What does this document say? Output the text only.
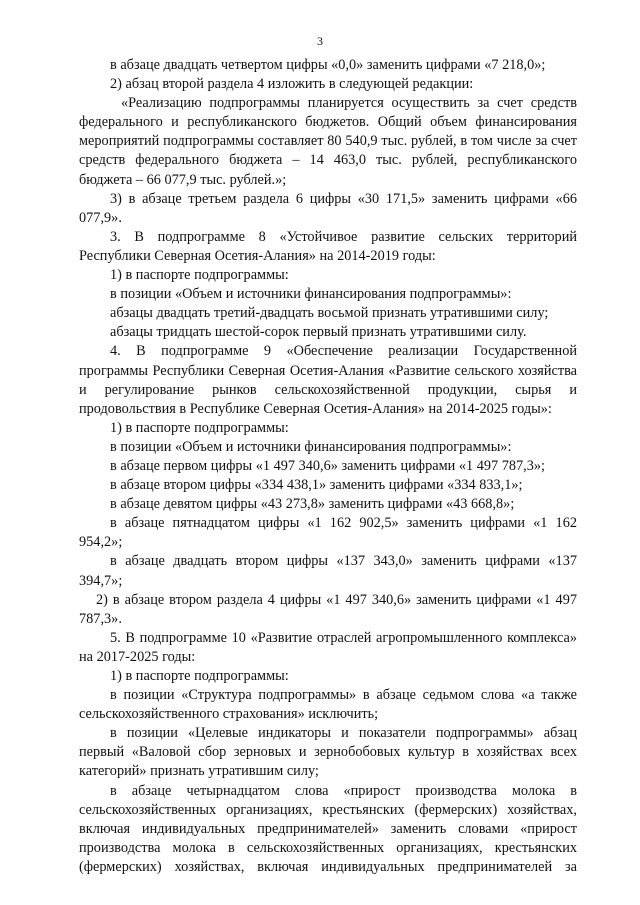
3

в абзаце двадцать четвертом цифры «0,0» заменить цифрами «7 218,0»;

2) абзац второй раздела 4 изложить в следующей редакции:

«Реализацию подпрограммы планируется осуществить за счет средств федерального и республиканского бюджетов. Общий объем финансирования мероприятий подпрограммы составляет 80 540,9 тыс. рублей, в том числе за счет средств федерального бюджета – 14 463,0 тыс. рублей, республиканского бюджета – 66 077,9 тыс. рублей.»;

3) в абзаце третьем раздела 6 цифры «30 171,5» заменить цифрами «66 077,9».

3. В подпрограмме 8 «Устойчивое развитие сельских территорий Республики Северная Осетия-Алания» на 2014-2019 годы:

1) в паспорте подпрограммы:

в позиции «Объем и источники финансирования подпрограммы»:

абзацы двадцать третий-двадцать восьмой признать утратившими силу;

абзацы тридцать шестой-сорок первый признать утратившими силу.

4. В подпрограмме 9 «Обеспечение реализации Государственной программы Республики Северная Осетия-Алания «Развитие сельского хозяйства и регулирование рынков сельскохозяйственной продукции, сырья и продовольствия в Республике Северная Осетия-Алания» на 2014-2025 годы»:

1) в паспорте подпрограммы:

в позиции «Объем и источники финансирования подпрограммы»:

в абзаце первом цифры «1 497 340,6» заменить цифрами «1 497 787,3»;

в абзаце втором цифры «334 438,1» заменить цифрами «334 833,1»;

в абзаце девятом цифры «43 273,8» заменить цифрами «43 668,8»;

в абзаце пятнадцатом цифры «1 162 902,5» заменить цифрами «1 162 954,2»;

в абзаце двадцать втором цифры «137 343,0» заменить цифрами «137 394,7»;

2) в абзаце втором раздела 4 цифры «1 497 340,6» заменить цифрами «1 497 787,3».

5. В подпрограмме 10 «Развитие отраслей агропромышленного комплекса» на 2017-2025 годы:

1) в паспорте подпрограммы:

в позиции «Структура подпрограммы» в абзаце седьмом слова «а также сельскохозяйственного страхования» исключить;

в позиции «Целевые индикаторы и показатели подпрограммы» абзац первый «Валовой сбор зерновых и зернобобовых культур в хозяйствах всех категорий» признать утратившим силу;

в абзаце четырнадцатом слова «прирост производства молока в сельскохозяйственных организациях, крестьянских (фермерских) хозяйствах, включая индивидуальных предпринимателей» заменить словами «прирост производства молока в сельскохозяйственных организациях, крестьянских (фермерских) хозяйствах, включая индивидуальных предпринимателей за
